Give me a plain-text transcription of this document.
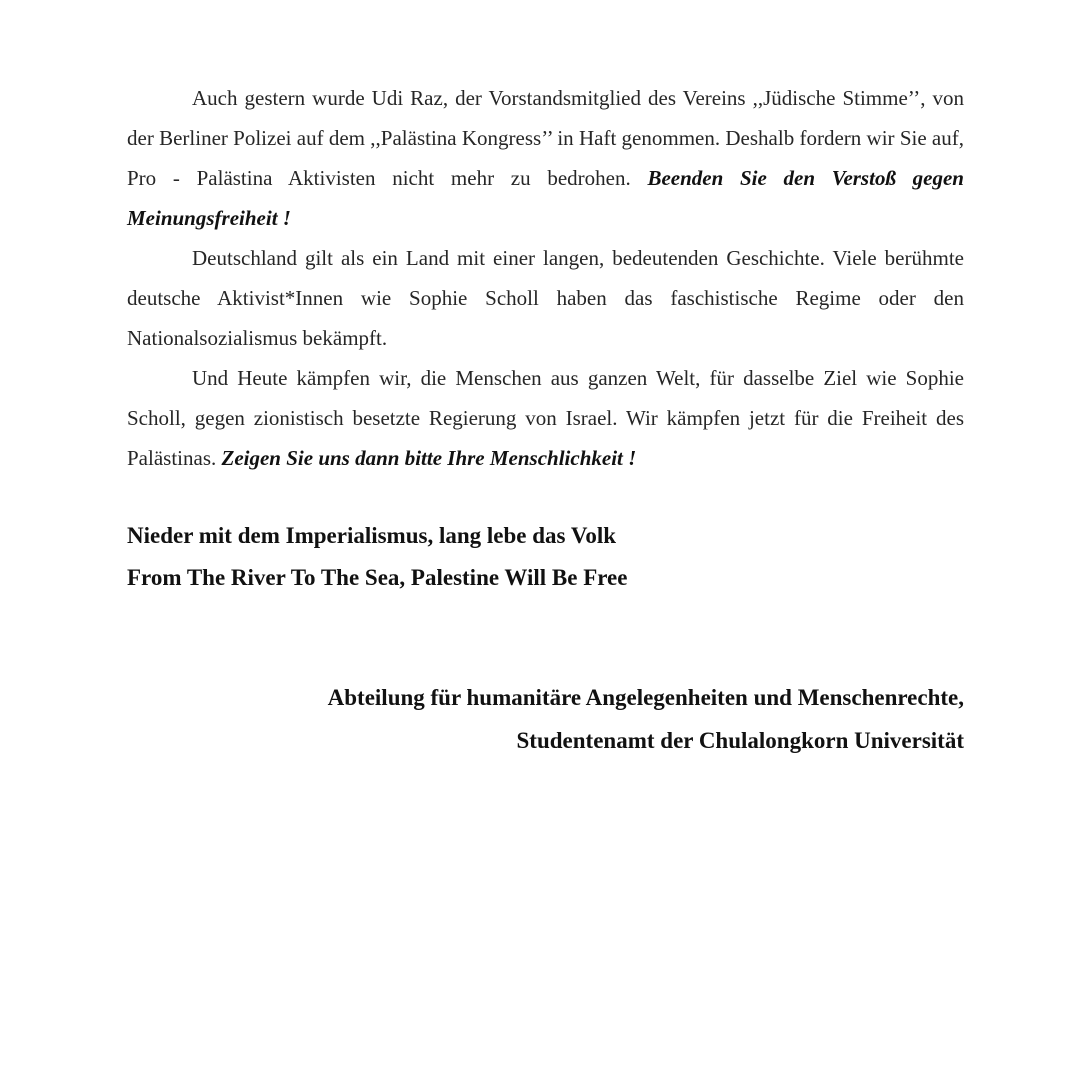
Auch gestern wurde Udi Raz, der Vorstandsmitglied des Vereins ,,Jüdische Stimme’’, von der Berliner Polizei auf dem ,,Palästina Kongress’’ in Haft genommen. Deshalb fordern wir Sie auf, Pro - Palästina Aktivisten nicht mehr zu bedrohen. Beenden Sie den Verstoß gegen Meinungsfreiheit !

Deutschland gilt als ein Land mit einer langen, bedeutenden Geschichte. Viele berühmte deutsche Aktivist*Innen wie Sophie Scholl haben das faschistische Regime oder den Nationalsozialismus bekämpft.

Und Heute kämpfen wir, die Menschen aus ganzen Welt, für dasselbe Ziel wie Sophie Scholl, gegen zionistisch besetzte Regierung von Israel. Wir kämpfen jetzt für die Freiheit des Palästinas. Zeigen Sie uns dann bitte Ihre Menschlichkeit !

Nieder mit dem Imperialismus, lang lebe das Volk

From The River To The Sea, Palestine Will Be Free

Abteilung für humanitäre Angelegenheiten und Menschenrechte,

Studentenamt der Chulalongkorn Universität
